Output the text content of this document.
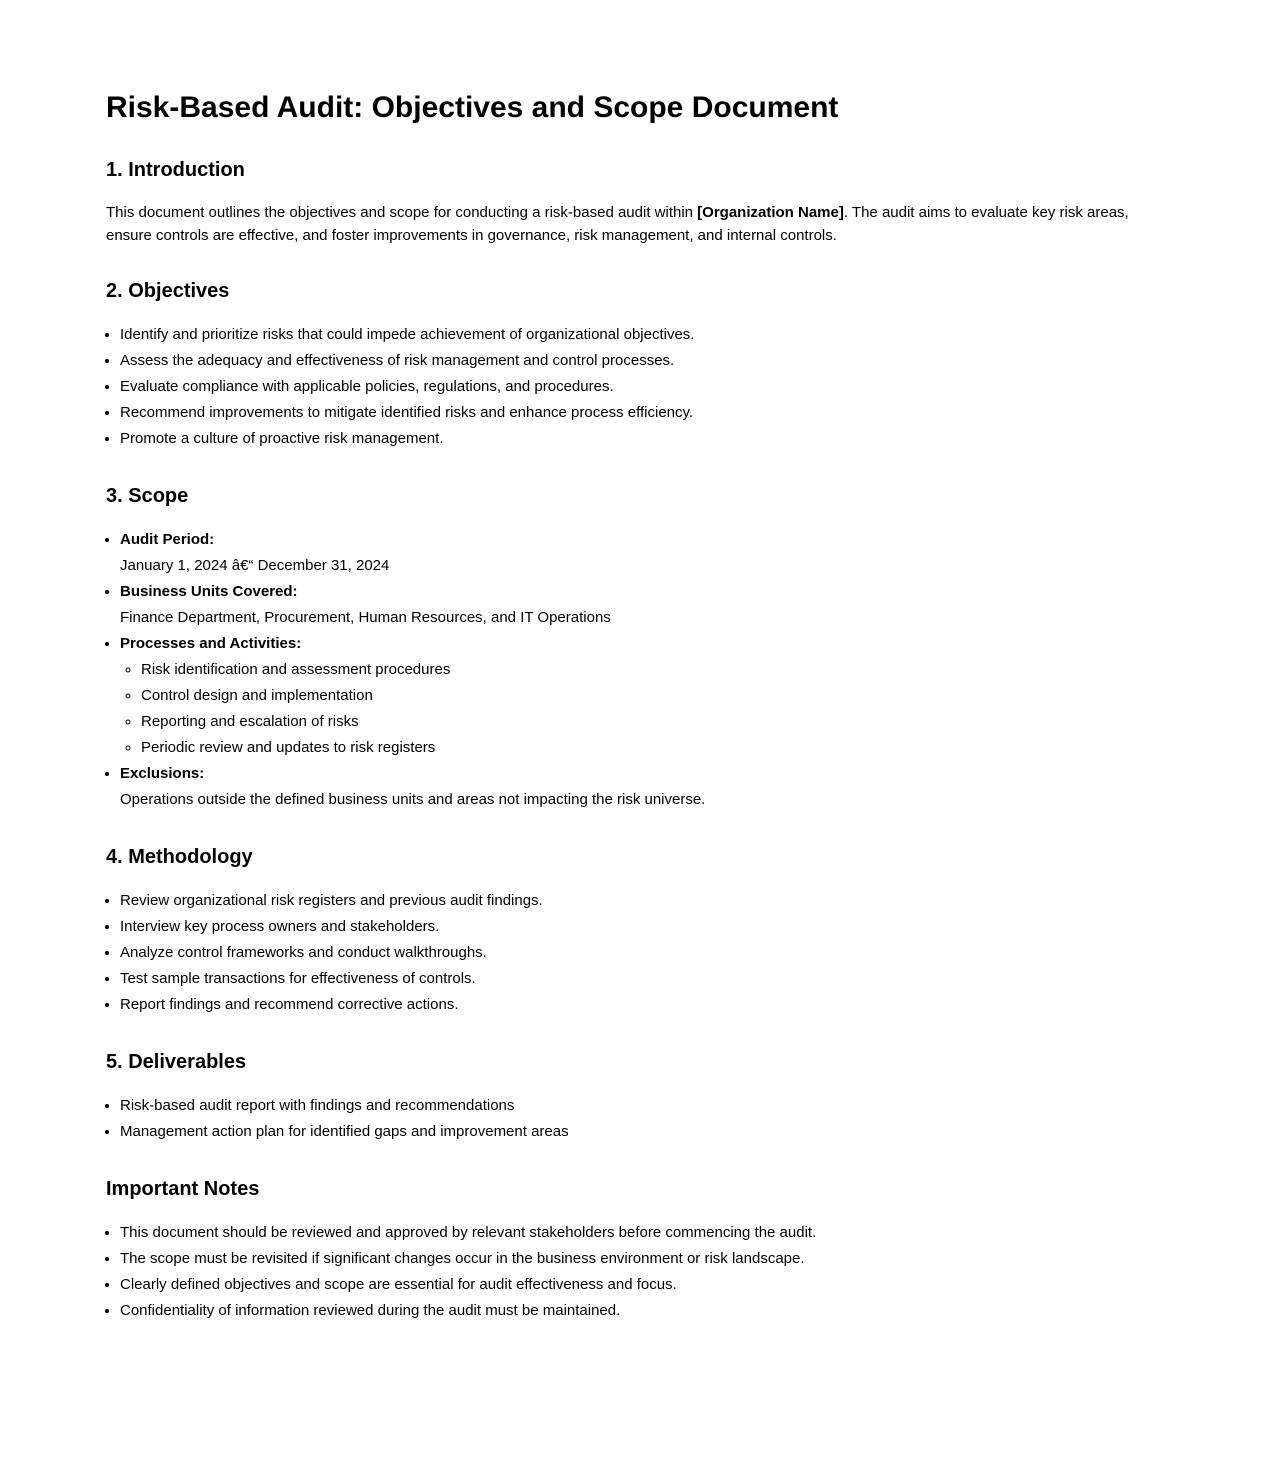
Risk-Based Audit: Objectives and Scope Document
1. Introduction

This document outlines the objectives and scope for conducting a risk-based audit within [Organization Name]. The audit aims to evaluate key risk areas, ensure controls are effective, and foster improvements in governance, risk management, and internal controls.

2. Objectives
• Identify and prioritize risks that could impede achievement of organizational objectives.
• Assess the adequacy and effectiveness of risk management and control processes.
• Evaluate compliance with applicable policies, regulations, and procedures.
• Recommend improvements to mitigate identified risks and enhance process efficiency.
• Promote a culture of proactive risk management.
3. Scope
• Audit Period:
January 1, 2024 â€“ December 31, 2024
• Business Units Covered:
Finance Department, Procurement, Human Resources, and IT Operations
• Processes and Activities:
◦ Risk identification and assessment procedures
◦ Control design and implementation
◦ Reporting and escalation of risks
◦ Periodic review and updates to risk registers
• Exclusions:
Operations outside the defined business units and areas not impacting the risk universe.
4. Methodology
• Review organizational risk registers and previous audit findings.
• Interview key process owners and stakeholders.
• Analyze control frameworks and conduct walkthroughs.
• Test sample transactions for effectiveness of controls.
• Report findings and recommend corrective actions.
5. Deliverables
• Risk-based audit report with findings and recommendations
• Management action plan for identified gaps and improvement areas
Important Notes
• This document should be reviewed and approved by relevant stakeholders before commencing the audit.
• The scope must be revisited if significant changes occur in the business environment or risk landscape.
• Clearly defined objectives and scope are essential for audit effectiveness and focus.
• Confidentiality of information reviewed during the audit must be maintained.
